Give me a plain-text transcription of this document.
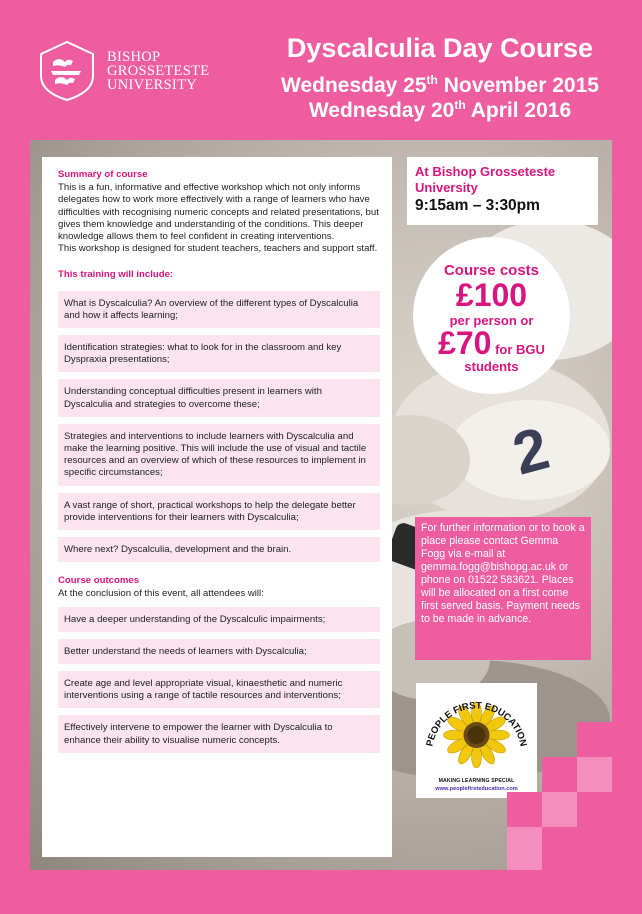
BISHOP
GROSSETESTE
UNIVERSITY
Dyscalculia Day Course
Wednesday 25th November 2015
Wednesday 20th April 2016
2
Summary of course

This is a fun, informative and effective workshop which not only informs delegates how to work more effectively with a range of learners who have difficulties with recognising numeric concepts and related presentations, but gives them knowledge and understanding of the conditions. This deeper knowledge allows them to feel confident in creating interventions.

This workshop is designed for student teachers, teachers and support staff.

This training will include:
What is Dyscalculia? An overview of the different types of Dyscalculia and how it affects learning;
Identification strategies: what to look for in the classroom and key Dyspraxia presentations;
Understanding conceptual difficulties present in learners with Dyscalculia and strategies to overcome these;
Strategies and interventions to include learners with Dyscalculia and make the learning positive. This will include the use of visual and tactile resources and an overview of which of these resources to implement in specific circumstances;
A vast range of short, practical workshops to help the delegate better provide interventions for their learners with Dyscalculia;
Where next? Dyscalculia, development and the brain.
Course outcomes
At the conclusion of this event, all attendees will:
Have a deeper understanding of the Dyscalculic impairments;
Better understand the needs of learners with Dyscalculia;
Create age and level appropriate visual, kinaesthetic and numeric interventions using a range of tactile resources and interventions;
Effectively intervene to empower the learner with Dyscalculia to enhance their ability to visualise numeric concepts.
At Bishop Grosseteste
University
9:15am – 3:30pm
Course costs
£100
per person or
£70 for BGU
students
For further information or to book a place please contact Gemma Fogg via e-mail at gemma.fogg@bishopg.ac.uk or phone on 01522 583621. Places will be allocated on a first come first served basis. Payment needs to be made in advance.
PEOPLE FIRST EDUCATION
MAKING LEARNING SPECIAL
www.peoplefirsteducation.com
